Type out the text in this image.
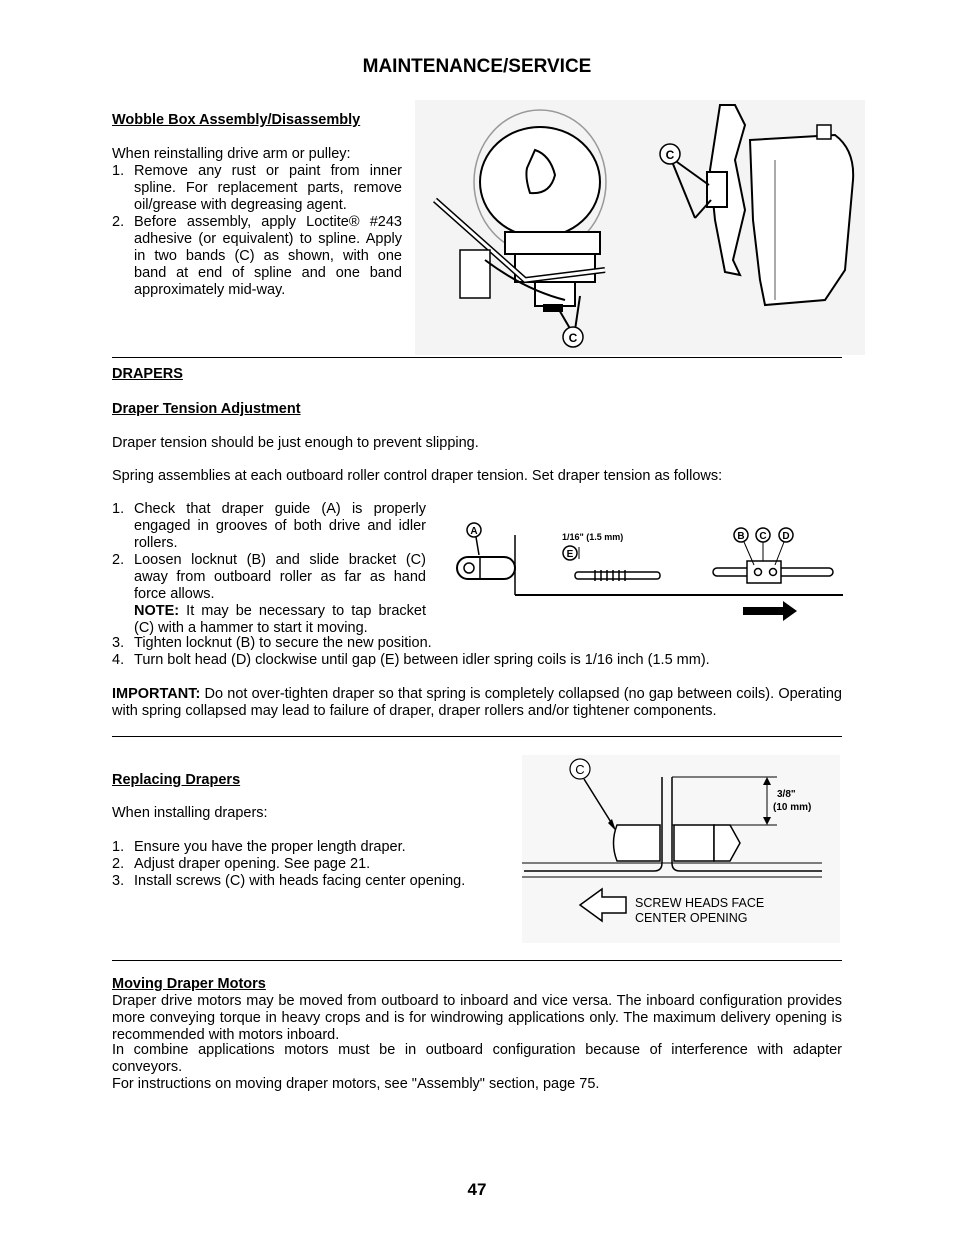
MAINTENANCE/SERVICE
Wobble Box Assembly/Disassembly
When reinstalling drive arm or pulley:
1. Remove any rust or paint from inner spline. For replacement parts, remove oil/grease with degreasing agent.
2. Before assembly, apply Loctite® #243 adhesive (or equivalent) to spline. Apply in two bands (C) as shown, with one band at end of spline and one band approximately mid-way.
C
C
DRAPERS
Draper Tension Adjustment
Draper tension should be just enough to prevent slipping.
Spring assemblies at each outboard roller control draper tension. Set draper tension as follows:
1. Check that draper guide (A) is properly engaged in grooves of both drive and idler rollers.
2. Loosen locknut (B) and slide bracket (C) away from outboard roller as far as hand force allows.
NOTE: It may be necessary to tap bracket (C) with a hammer to start it moving.
3. Tighten locknut (B) to secure the new position.
4. Turn bolt head (D) clockwise until gap (E) between idler spring coils is 1/16 inch (1.5 mm).
A	1/16" (1.5 mm)
E
B C D
IMPORTANT: Do not over-tighten draper so that spring is completely collapsed (no gap between coils). Operating with spring collapsed may lead to failure of draper, draper rollers and/or tightener components.
Replacing Drapers
When installing drapers:
1. Ensure you have the proper length draper.
2. Adjust draper opening. See page 21.
3. Install screws (C) with heads facing center opening.
C
3/8"
(10 mm)
SCREW HEADS FACE
CENTER OPENING
Moving Draper Motors
Draper drive motors may be moved from outboard to inboard and vice versa. The inboard configuration provides more conveying torque in heavy crops and is for windrowing applications only. The maximum delivery opening is recommended with motors inboard.
In combine applications motors must be in outboard configuration because of interference with adapter conveyors.
For instructions on moving draper motors, see "Assembly" section, page 75.
47
